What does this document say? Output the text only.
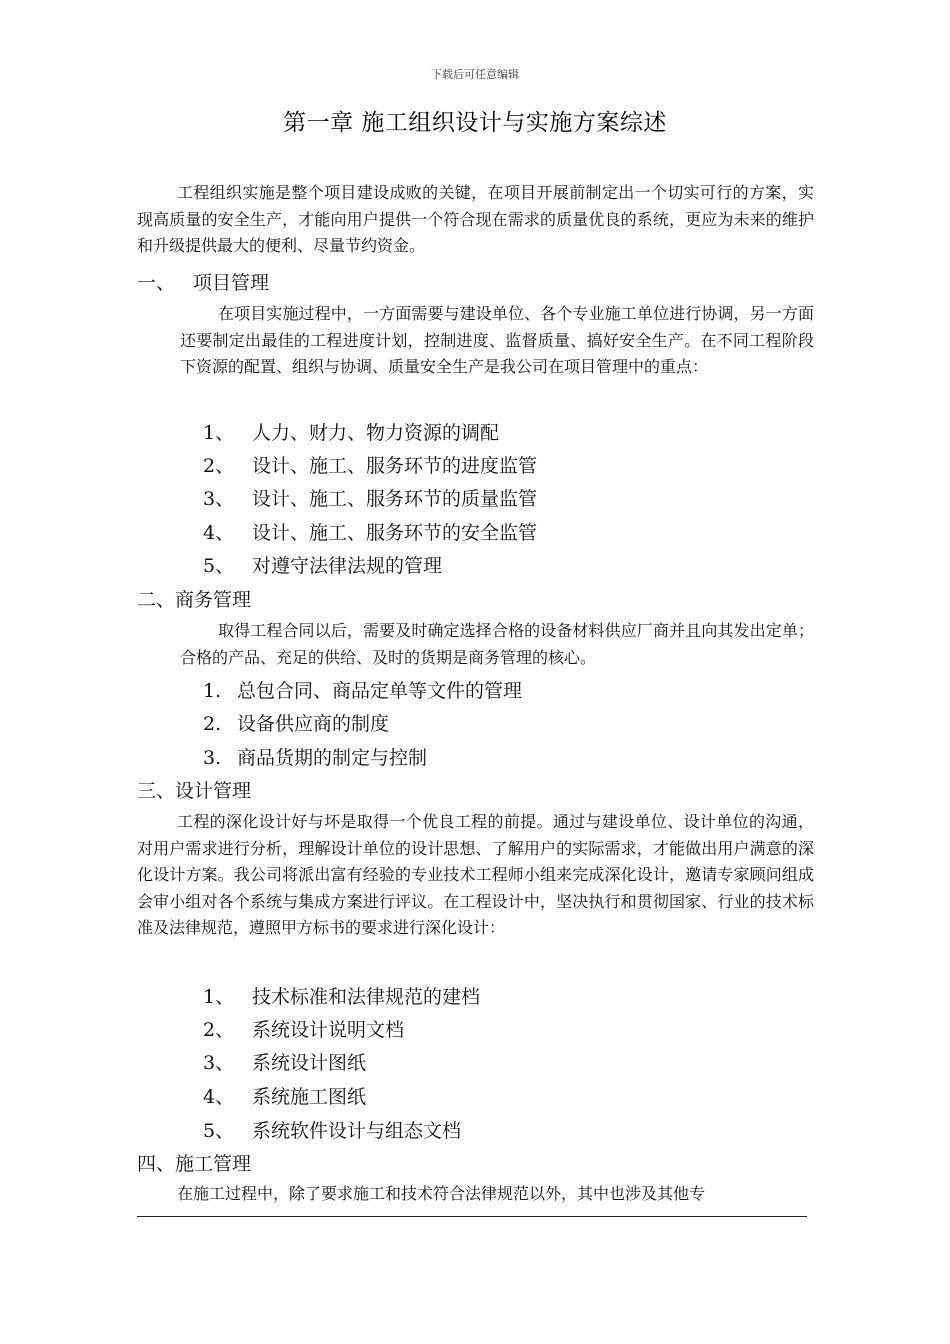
下载后可任意编辑
第一章 施工组织设计与实施方案综述
工程组织实施是整个项目建设成败的关键，在项目开展前制定出一个切实可行的方案，实现高质量的安全生产，才能向用户提供一个符合现在需求的质量优良的系统，更应为未来的维护和升级提供最大的便利、尽量节约资金。
一、 项目管理
在项目实施过程中，一方面需要与建设单位、各个专业施工单位进行协调，另一方面还要制定出最佳的工程进度计划，控制进度、监督质量、搞好安全生产。在不同工程阶段下资源的配置、组织与协调、质量安全生产是我公司在项目管理中的重点：
1、 人力、财力、物力资源的调配
2、 设计、施工、服务环节的进度监管
3、 设计、施工、服务环节的质量监管
4、 设计、施工、服务环节的安全监管
5、 对遵守法律法规的管理
二、商务管理
取得工程合同以后，需要及时确定选择合格的设备材料供应厂商并且向其发出定单；合格的产品、充足的供给、及时的货期是商务管理的核心。
1. 总包合同、商品定单等文件的管理
2. 设备供应商的制度
3. 商品货期的制定与控制
三、设计管理
工程的深化设计好与坏是取得一个优良工程的前提。通过与建设单位、设计单位的沟通，对用户需求进行分析，理解设计单位的设计思想、了解用户的实际需求，才能做出用户满意的深化设计方案。我公司将派出富有经验的专业技术工程师小组来完成深化设计，邀请专家顾问组成会审小组对各个系统与集成方案进行评议。在工程设计中，坚决执行和贯彻国家、行业的技术标准及法律规范，遵照甲方标书的要求进行深化设计：
1、 技术标准和法律规范的建档
2、 系统设计说明文档
3、 系统设计图纸
4、 系统施工图纸
5、 系统软件设计与组态文档
四、施工管理
在施工过程中，除了要求施工和技术符合法律规范以外，其中也涉及其他专
